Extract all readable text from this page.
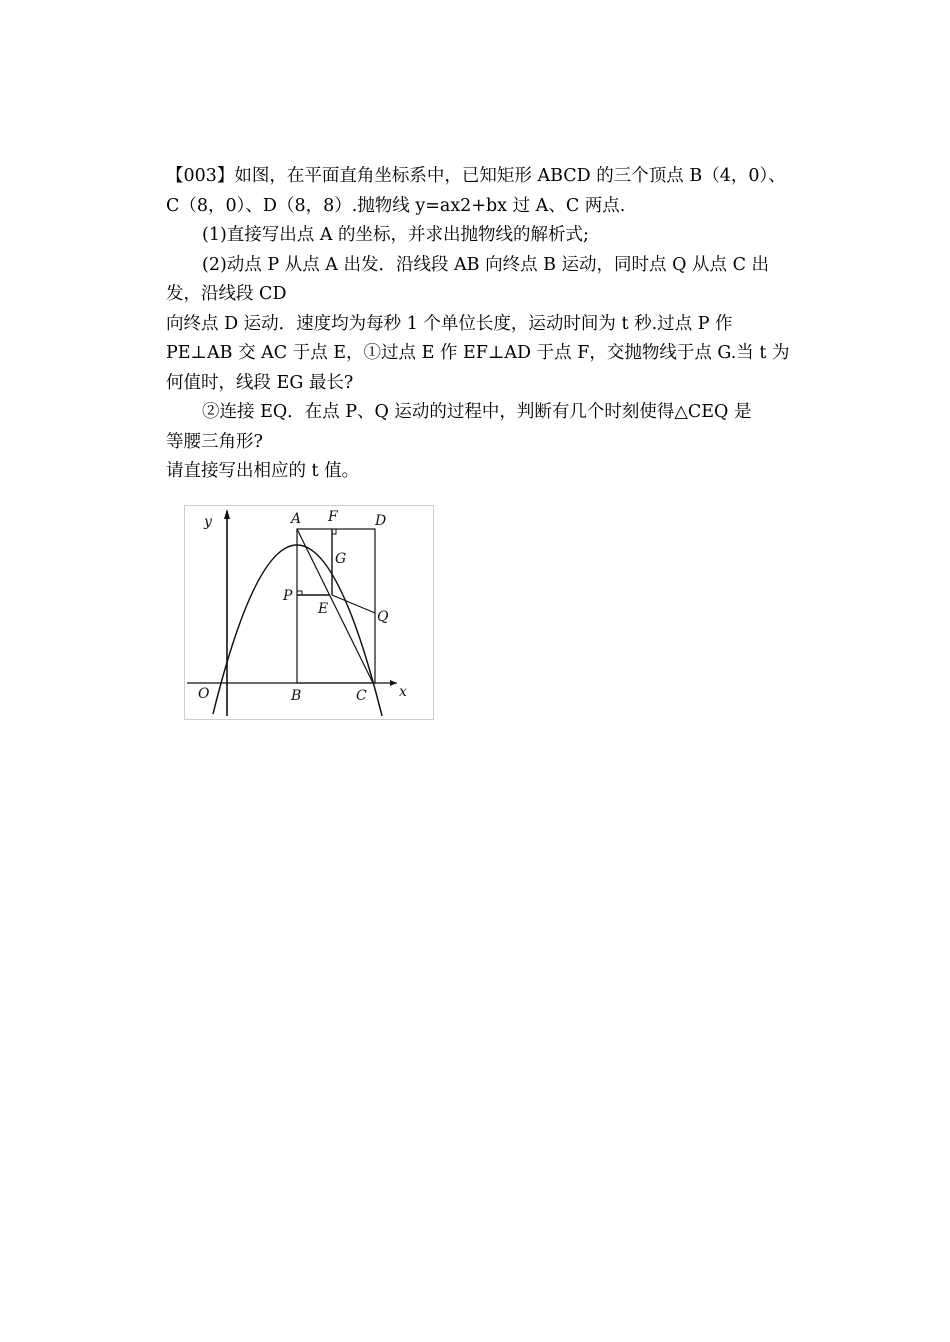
【003】如图，在平面直角坐标系中，已知矩形 ABCD 的三个顶点 B（4，0）、
C（8，0）、D（8，8）.抛物线 y=ax2+bx 过 A、C 两点.
(1)直接写出点 A 的坐标，并求出抛物线的解析式;
(2)动点 P 从点 A 出发．沿线段 AB 向终点 B 运动，同时点 Q 从点 C 出
发，沿线段 CD
向终点 D 运动．速度均为每秒 1 个单位长度，运动时间为 t 秒.过点 P 作
PE⊥AB 交 AC 于点 E，①过点 E 作 EF⊥AD 于点 F，交抛物线于点 G.当 t 为
何值时，线段 EG 最长?
②连接 EQ．在点 P、Q 运动的过程中，判断有几个时刻使得△CEQ 是
等腰三角形?
请直接写出相应的 t 值。
y
x
O
A
B	C
D
F
G
P
E	Q
